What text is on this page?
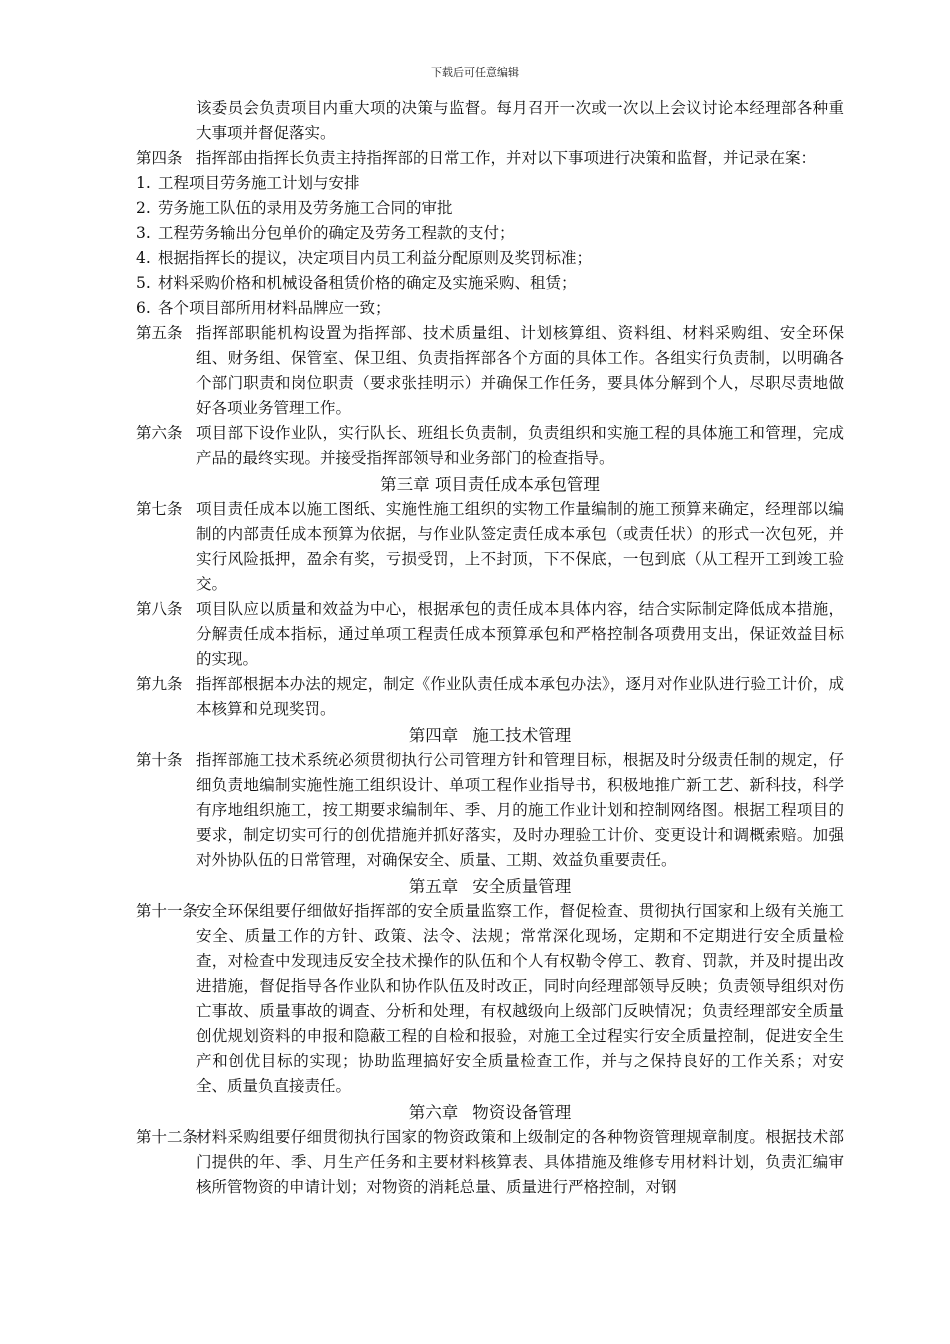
下载后可任意编辑

该委员会负责项目内重大项的决策与监督。每月召开一次或一次以上会议讨论本经理部各种重大事项并督促落实。

第四条 指挥部由指挥长负责主持指挥部的日常工作，并对以下事项进行决策和监督，并记录在案：
1. 工程项目劳务施工计划与安排
2. 劳务施工队伍的录用及劳务施工合同的审批
3. 工程劳务输出分包单价的确定及劳务工程款的支付；
4. 根据指挥长的提议，决定项目内员工利益分配原则及奖罚标准；
5. 材料采购价格和机械设备租赁价格的确定及实施采购、租赁；
6. 各个项目部所用材料品牌应一致；
第五条 指挥部职能机构设置为指挥部、技术质量组、计划核算组、资料组、材料采购组、安全环保组、财务组、保管室、保卫组、负责指挥部各个方面的具体工作。各组实行负责制，以明确各个部门职责和岗位职责（要求张挂明示）并确保工作任务，要具体分解到个人，尽职尽责地做好各项业务管理工作。
第六条 项目部下设作业队，实行队长、班组长负责制，负责组织和实施工程的具体施工和管理，完成产品的最终实现。并接受指挥部领导和业务部门的检查指导。
第三章 项目责任成本承包管理
第七条 项目责任成本以施工图纸、实施性施工组织的实物工作量编制的施工预算来确定，经理部以编制的内部责任成本预算为依据，与作业队签定责任成本承包（或责任状）的形式一次包死，并实行风险抵押，盈余有奖，亏损受罚，上不封顶，下不保底，一包到底（从工程开工到竣工验交。
第八条 项目队应以质量和效益为中心，根据承包的责任成本具体内容，结合实际制定降低成本措施，分解责任成本指标，通过单项工程责任成本预算承包和严格控制各项费用支出，保证效益目标的实现。
第九条 指挥部根据本办法的规定，制定《作业队责任成本承包办法》，逐月对作业队进行验工计价，成本核算和兑现奖罚。
第四章 施工技术管理
第十条 指挥部施工技术系统必须贯彻执行公司管理方针和管理目标，根据及时分级责任制的规定，仔细负责地编制实施性施工组织设计、单项工程作业指导书，积极地推广新工艺、新科技，科学有序地组织施工，按工期要求编制年、季、月的施工作业计划和控制网络图。根据工程项目的要求，制定切实可行的创优措施并抓好落实，及时办理验工计价、变更设计和调概索赔。加强对外协队伍的日常管理，对确保安全、质量、工期、效益负重要责任。
第五章 安全质量管理
第十一条
安全环保组要仔细做好指挥部的安全质量监察工作，督促检查、贯彻执行国家和上级有关施工安全、质量工作的方针、政策、法令、法规；常常深化现场，定期和不定期进行安全质量检查，对检查中发现违反安全技术操作的队伍和个人有权勒令停工、教育、罚款，并及时提出改进措施，督促指导各作业队和协作队伍及时改正，同时向经理部领导反映；负责领导组织对伤亡事故、质量事故的调查、分析和处理，有权越级向上级部门反映情况；负责经理部安全质量创优规划资料的申报和隐蔽工程的自检和报验，对施工全过程实行安全质量控制，促进安全生产和创优目标的实现；协助监理搞好安全质量检查工作，并与之保持良好的工作关系；对安全、质量负直接责任。
第六章 物资设备管理
第十二条
材料采购组要仔细贯彻执行国家的物资政策和上级制定的各种物资管理规章制度。根据技术部门提供的年、季、月生产任务和主要材料核算表、具体措施及维修专用材料计划，负责汇编审核所管物资的申请计划；对物资的消耗总量、质量进行严格控制，对钢
